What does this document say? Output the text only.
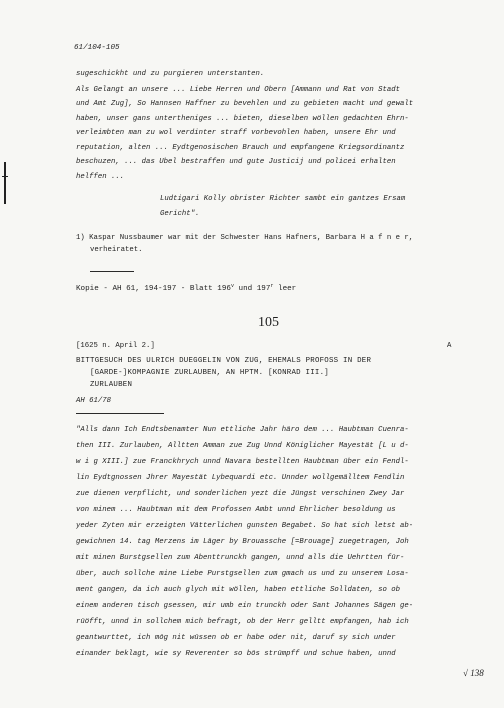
61/104-105
sugeschickht und zu purgieren unterstanten.
Als Gelangt an unsere ... Liebe Herren und Obern [Ammann und Rat von Stadt
und Amt Zug], So Hannsen Haffner zu bevehlen und zu gebieten macht und gewalt
haben, unser gans untertheniges ... bieten, dieselben wöllen gedachten Ehrn-
verleimbten man zu wol verdinter straff vorbevohlen haben, unsere Ehr und
reputation, alten ... Eydtgenosischen Brauch und empfangene Kriegsordinantz
beschuzen, ... das Ubel bestraffen und gute Justicij und policei erhalten
helffen ...
Ludtigari Kolly obrister Richter sambt ein gantzes Ersam
Gericht".
1) Kaspar Nussbaumer war mit der Schwester Hans Hafners, Barbara H a f n e r,
verheiratet.
Kopie - AH 61, 194-197 - Blatt 196$^v$ und 197$^r$ leer
105
[1625 n. April 2.]	A
BITTGESUCH DES ULRICH DUEGGELIN VON ZUG, EHEMALS PROFOSS IN DER
[GARDE-]KOMPAGNIE ZURLAUBEN, AN HPTM. [KONRAD III.]
ZURLAUBEN
AH 61/78
"Alls dann Ich Endtsbenamter Nun ettliche Jahr häro dem ... Haubtman Cuenra-
then III. Zurlauben, Alltten Amman zue Zug Unnd Königlicher Mayestät [L u d-
w i g XIII.] zue Franckhrych unnd Navara bestellten Haubtman über ein Fendl-
lin Eydtgnossen Jhrer Mayestät Lybequardi etc. Unnder wollgemälltem Fendlin
zue dienen verpflicht, und sonderlichen yezt die Jüngst verschinen Zwey Jar
von minem ... Haubtman mit dem Profossen Ambt unnd Ehrlicher besoldung us
yeder Zyten mir erzeigten Vätterlichen gunsten Begabet. So hat sich letst ab-
gewichnen 14. tag Merzens im Läger by Brouassche [=Brouage] zuegetragen, Joh
mit minen Burstgsellen zum Abenttrunckh gangen, unnd alls die Uehrtten für-
über, auch sollche mine Liebe Purstgsellen zum gmach us und zu unserem Losa-
ment gangen, da ich auch glych mit wöllen, haben ettliche Solldaten, so ob
einem anderen tisch gsessen, mir umb ein trunckh oder Sant Johannes Sägen ge-
rüöfft, unnd in sollchem mich befragt, ob der Herr gelltt empfangen, hab ich
geantwurttet, ich mög nit wüssen ob er habe oder nit, daruf sy sich under
einander beklagt, wie sy Reverenter so bös strümpff und schue haben, unnd
√ 138
